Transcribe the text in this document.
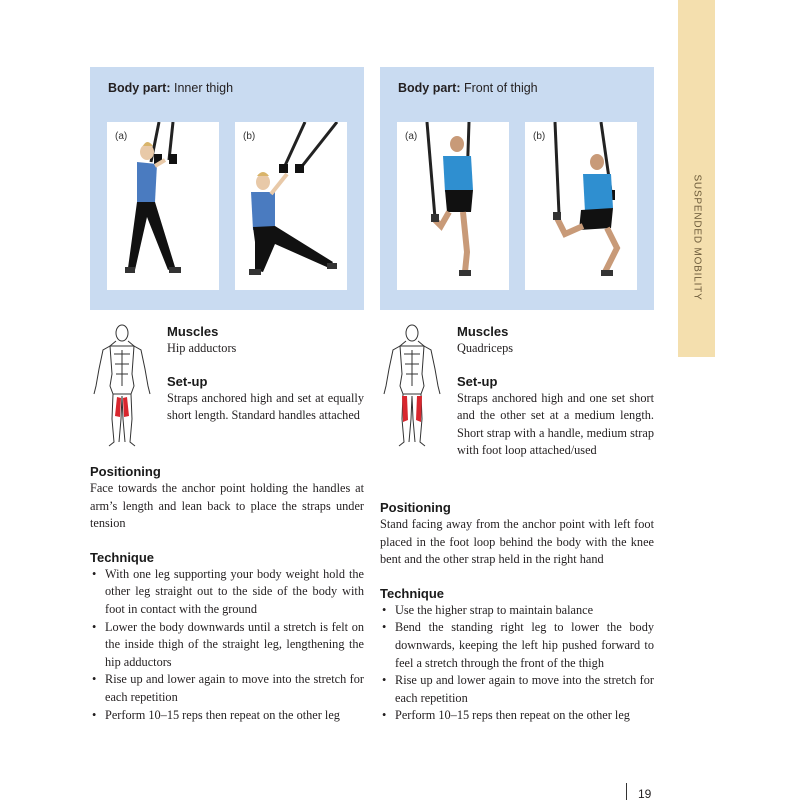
SUSPENDED MOBILITY
Body part: Inner thigh
(a)	(b)
Muscles

Hip adductors

Set-up

Straps anchored high and set at equally short length. Standard handles attached

Positioning

Face towards the anchor point holding the handles at arm’s length and lean back to place the straps under tension

Technique
• With one leg supporting your body weight hold the other leg straight out to the side of the body with foot in contact with the ground
• Lower the body downwards until a stretch is felt on the inside thigh of the straight leg, lengthening the hip adductors
• Rise up and lower again to move into the stretch for each repetition
• Perform 10–15 reps then repeat on the other leg
Body part: Front of thigh
(a)	(b)
Muscles

Quadriceps

Set-up

Straps anchored high and one set short and the other set at a medium length. Short strap with a handle, medium strap with foot loop attached/used

Positioning

Stand facing away from the anchor point with left foot placed in the foot loop behind the body with the knee bent and the other strap held in the right hand

Technique
• Use the higher strap to maintain balance
• Bend the standing right leg to lower the body downwards, keeping the left hip pushed forward to feel a stretch through the front of the thigh
• Rise up and lower again to move into the stretch for each repetition
• Perform 10–15 reps then repeat on the other leg
19
